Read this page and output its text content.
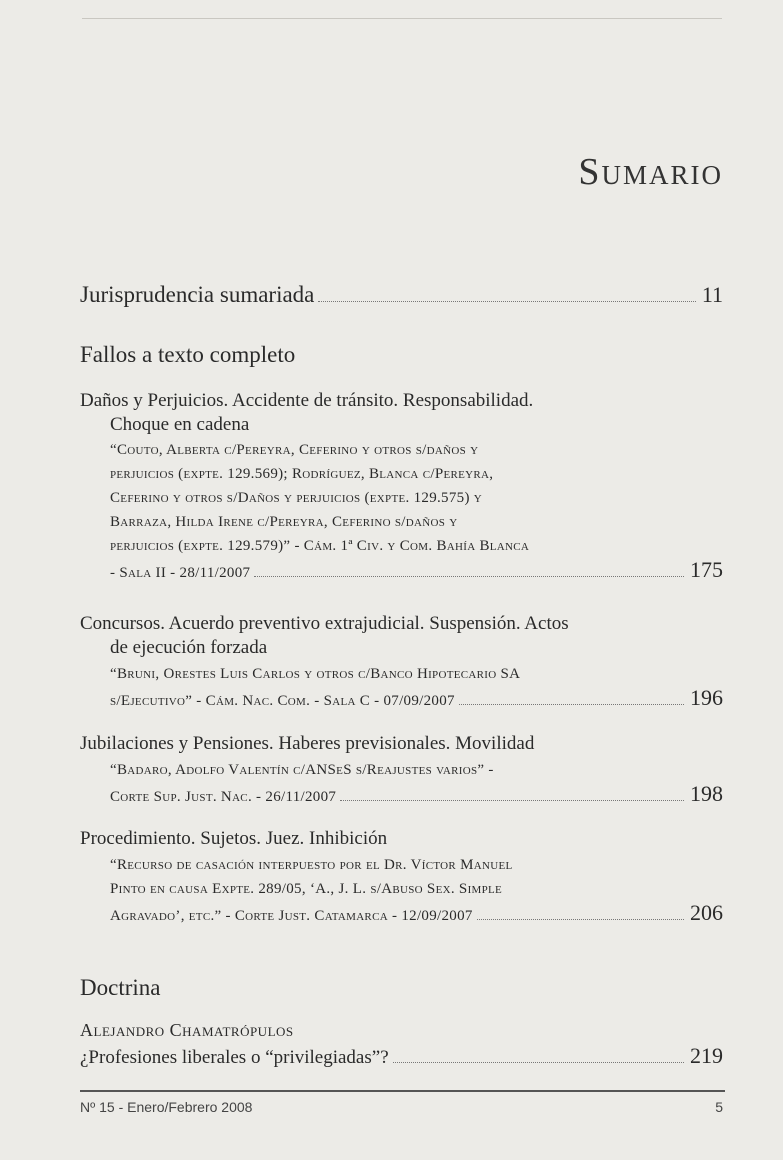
Sumario
Jurisprudencia sumariada	11
Fallos a texto completo
Daños y Perjuicios. Accidente de tránsito. Responsabilidad.
Choque en cadena
“Couto, Alberta c/Pereyra, Ceferino y otros s/daños y
perjuicios (expte. 129.569); Rodríguez, Blanca c/Pereyra,
Ceferino y otros s/Daños y perjuicios (expte. 129.575) y
Barraza, Hilda Irene c/Pereyra, Ceferino s/daños y
perjuicios (expte. 129.579)” - Cám. 1ª Civ. y Com. Bahía Blanca
- Sala II - 28/11/2007	175
Concursos. Acuerdo preventivo extrajudicial. Suspensión. Actos
de ejecución forzada
“Bruni, Orestes Luis Carlos y otros c/Banco Hipotecario SA
s/Ejecutivo” - Cám. Nac. Com. - Sala C - 07/09/2007	196
Jubilaciones y Pensiones. Haberes previsionales. Movilidad
“Badaro, Adolfo Valentín c/ANSeS s/Reajustes varios” -
Corte Sup. Just. Nac. - 26/11/2007	198
Procedimiento. Sujetos. Juez. Inhibición
“Recurso de casación interpuesto por el Dr. Víctor Manuel
Pinto en causa Expte. 289/05, ‘A., J. L. s/Abuso Sex. Simple
Agravado’, etc.” - Corte Just. Catamarca - 12/09/2007	206
Doctrina
Alejandro Chamatrópulos
¿Profesiones liberales o “privilegiadas”?	219
Nº 15 - Enero/Febrero 2008	5
